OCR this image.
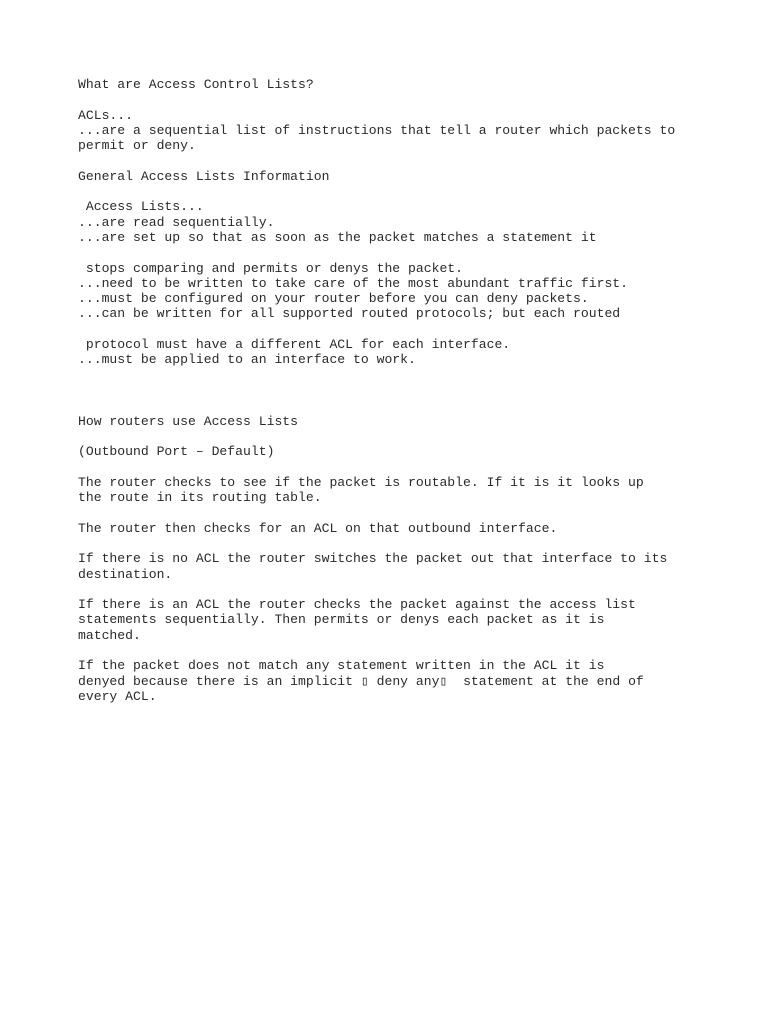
What are Access Control Lists?
ACLs...
...are a sequential list of instructions that tell a router which packets to
permit or deny.
General Access Lists Information
Access Lists...
...are read sequentially.
...are set up so that as soon as the packet matches a statement it
stops comparing and permits or denys the packet.
...need to be written to take care of the most abundant traffic first.
...must be configured on your router before you can deny packets.
...can be written for all supported routed protocols; but each routed
protocol must have a different ACL for each interface.
...must be applied to an interface to work.
How routers use Access Lists
(Outbound Port – Default)
The router checks to see if the packet is routable. If it is it looks up
the route in its routing table.
The router then checks for an ACL on that outbound interface.
If there is no ACL the router switches the packet out that interface to its
destination.
If there is an ACL the router checks the packet against the access list
statements sequentially. Then permits or denys each packet as it is
matched.
If the packet does not match any statement written in the ACL it is
denyed because there is an implicit ▯ deny any▯  statement at the end of
every ACL.
